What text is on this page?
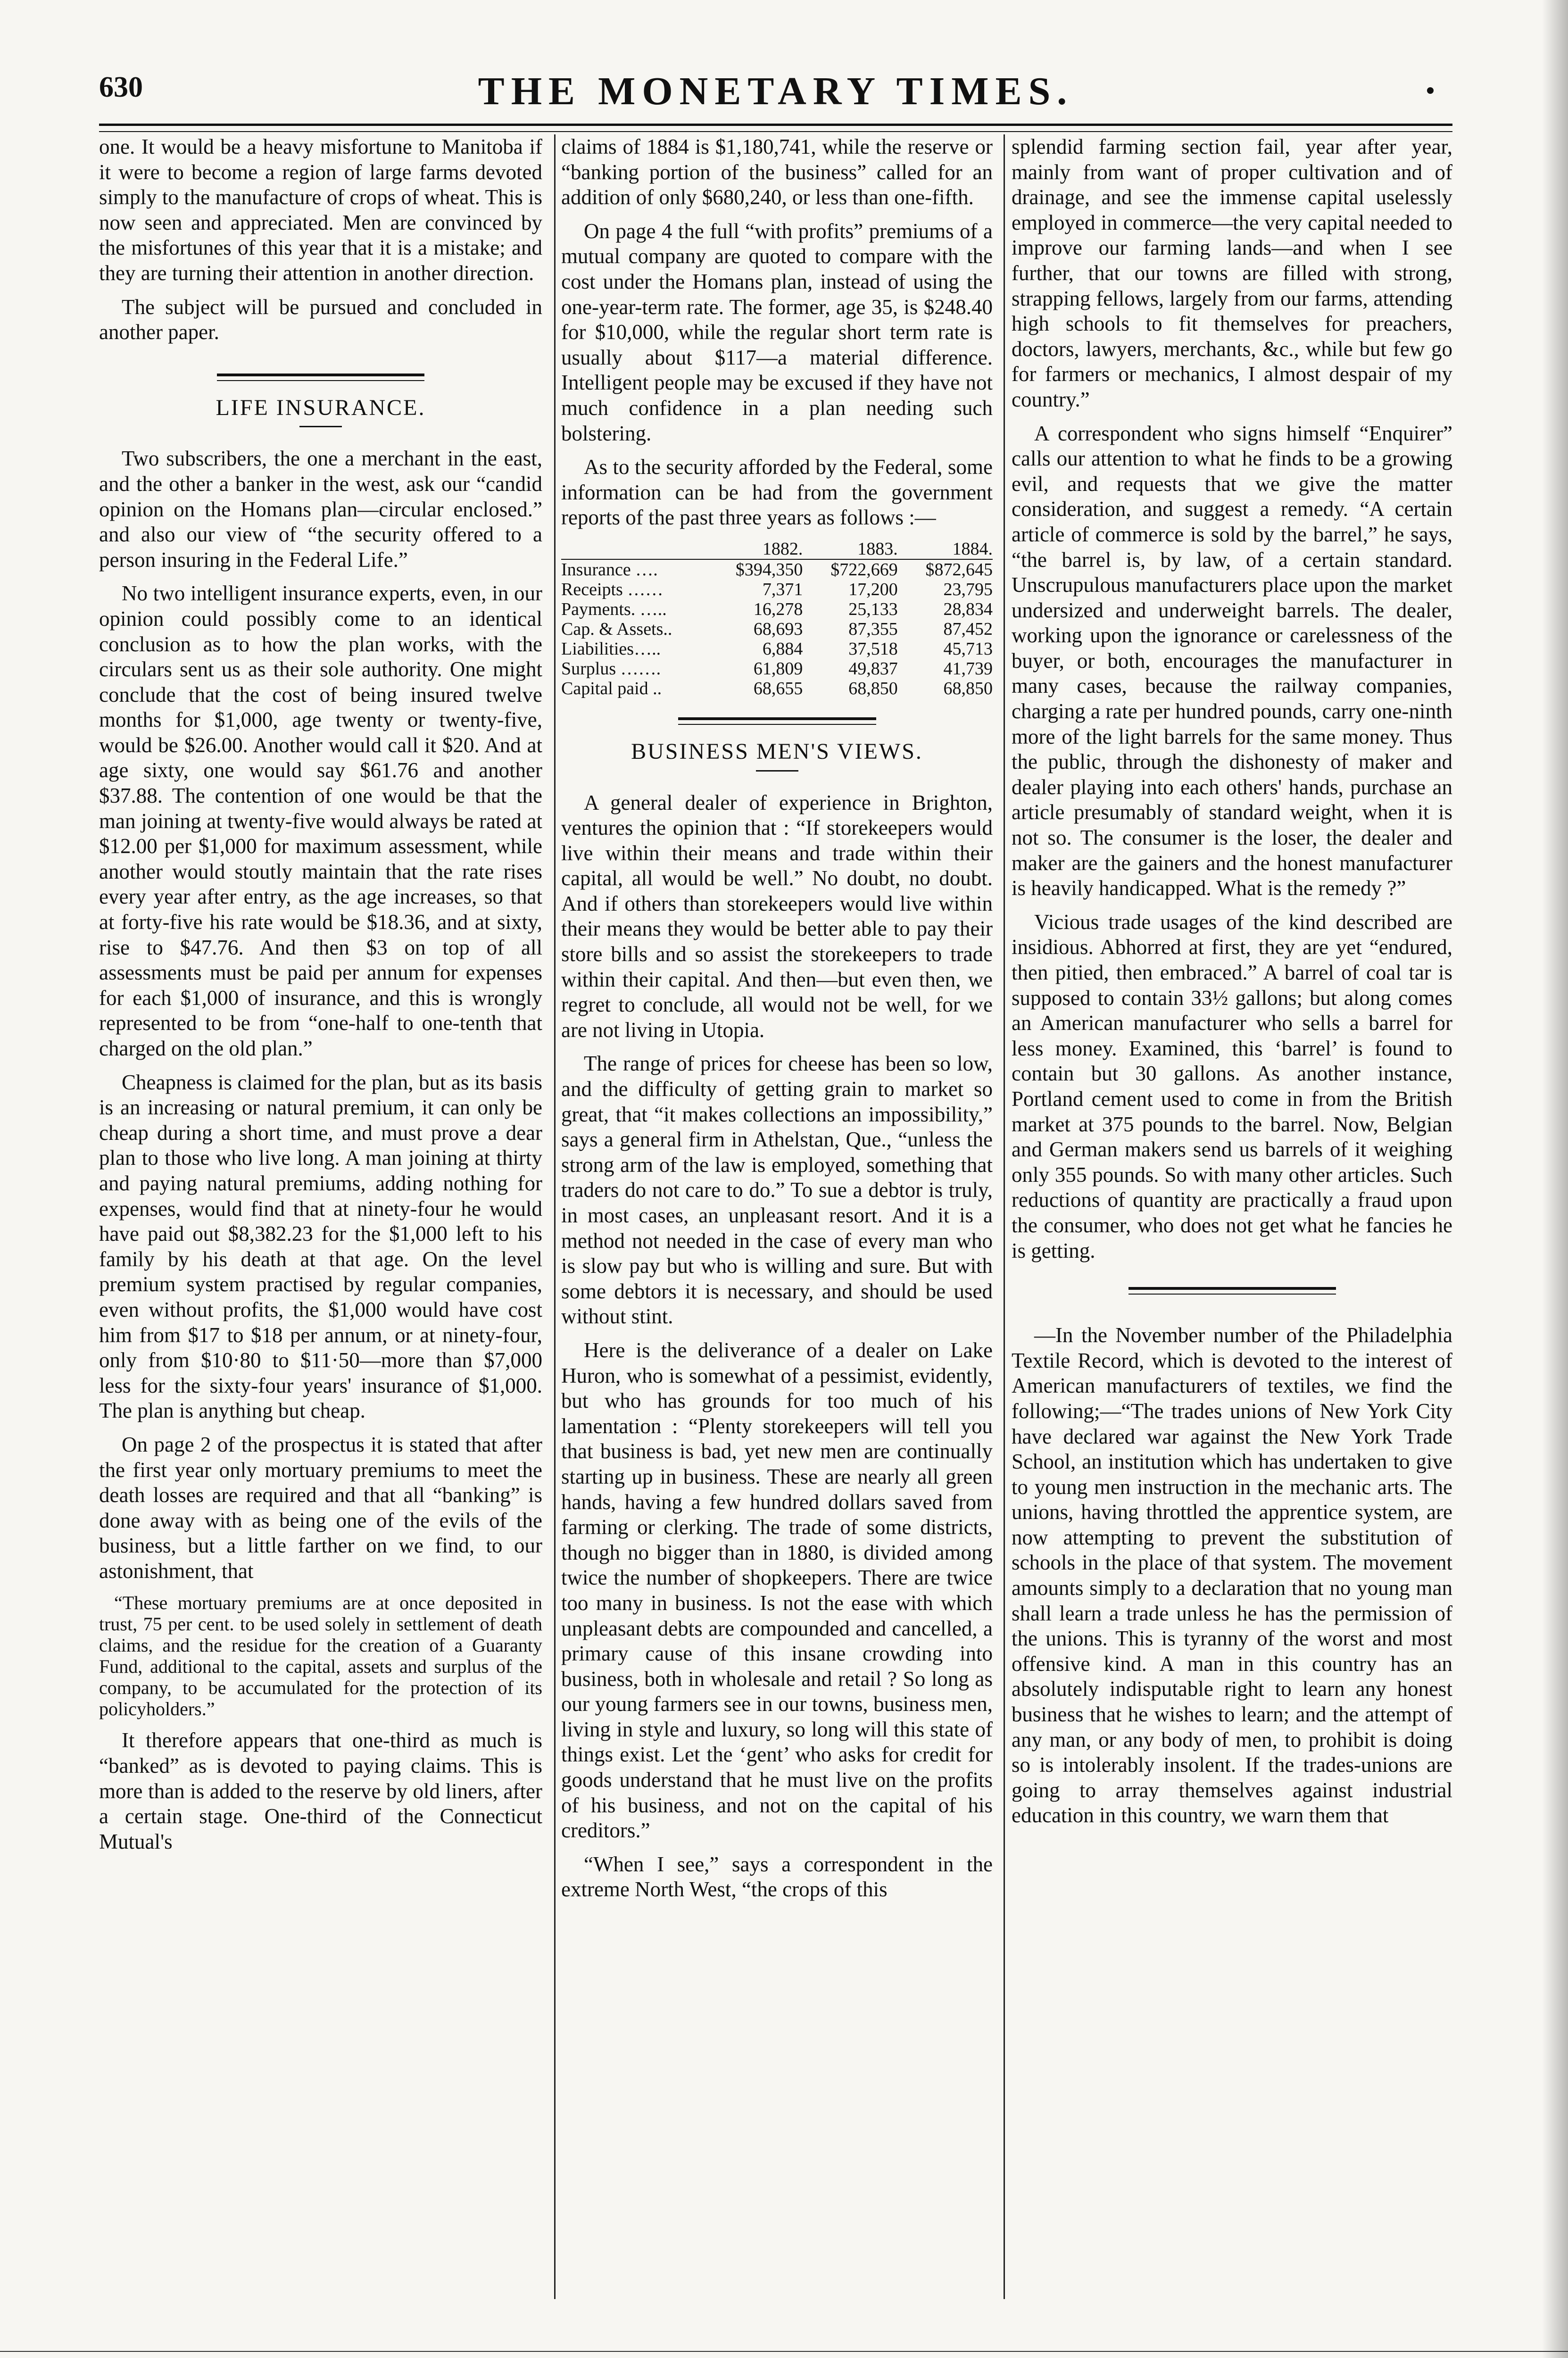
630	THE MONETARY TIMES.

one. It would be a heavy misfortune to Manitoba if it were to become a region of large farms devoted simply to the manufacture of crops of wheat. This is now seen and appreciated. Men are convinced by the misfortunes of this year that it is a mistake; and they are turning their attention in another direction.

The subject will be pursued and concluded in another paper.

LIFE INSURANCE.

Two subscribers, the one a merchant in the east, and the other a banker in the west, ask our “candid opinion on the Homans plan—circular enclosed.” and also our view of “the security offered to a person insuring in the Federal Life.”

No two intelligent insurance experts, even, in our opinion could possibly come to an identical conclusion as to how the plan works, with the circulars sent us as their sole authority. One might conclude that the cost of being insured twelve months for $1,000, age twenty or twenty-five, would be $26.00. Another would call it $20. And at age sixty, one would say $61.76 and another $37.88. The contention of one would be that the man joining at twenty-five would always be rated at $12.00 per $1,000 for maximum assessment, while another would stoutly maintain that the rate rises every year after entry, as the age increases, so that at forty-five his rate would be $18.36, and at sixty, rise to $47.76. And then $3 on top of all assessments must be paid per annum for expenses for each $1,000 of insurance, and this is wrongly represented to be from “one-half to one-tenth that charged on the old plan.”

Cheapness is claimed for the plan, but as its basis is an increasing or natural premium, it can only be cheap during a short time, and must prove a dear plan to those who live long. A man joining at thirty and paying natural premiums, adding nothing for expenses, would find that at ninety-four he would have paid out $8,382.23 for the $1,000 left to his family by his death at that age. On the level premium system practised by regular companies, even without profits, the $1,000 would have cost him from $17 to $18 per annum, or at ninety-four, only from $10·80 to $11·50—more than $7,000 less for the sixty-four years' insurance of $1,000. The plan is anything but cheap.

On page 2 of the prospectus it is stated that after the first year only mortuary premiums to meet the death losses are required and that all “banking” is done away with as being one of the evils of the business, but a little farther on we find, to our astonishment, that

“These mortuary premiums are at once deposited in trust, 75 per cent. to be used solely in settlement of death claims, and the residue for the creation of a Guaranty Fund, additional to the capital, assets and surplus of the company, to be accumulated for the protection of its policyholders.”

It therefore appears that one-third as much is “banked” as is devoted to paying claims. This is more than is added to the reserve by old liners, after a certain stage. One-third of the Connecticut Mutual's

claims of 1884 is $1,180,741, while the reserve or “banking portion of the business” called for an addition of only $680,240, or less than one-fifth.

On page 4 the full “with profits” premiums of a mutual company are quoted to compare with the cost under the Homans plan, instead of using the one-year-term rate. The former, age 35, is $248.40 for $10,000, while the regular short term rate is usually about $117—a material difference. Intelligent people may be excused if they have not much confidence in a plan needing such bolstering.

As to the security afforded by the Federal, some information can be had from the government reports of the past three years as follows :—

	1882.	1883.	1884.
Insurance ….	$394,350	$722,669	$872,645
Receipts ……	7,371	17,200	23,795
Payments. …..	16,278	25,133	28,834
Cap. & Assets..	68,693	87,355	87,452
Liabilities…..	6,884	37,518	45,713
Surplus …….	61,809	49,837	41,739
Capital paid ..	68,655	68,850	68,850
BUSINESS MEN'S VIEWS.

A general dealer of experience in Brighton, ventures the opinion that : “If storekeepers would live within their means and trade within their capital, all would be well.” No doubt, no doubt. And if others than storekeepers would live within their means they would be better able to pay their store bills and so assist the storekeepers to trade within their capital. And then—but even then, we regret to conclude, all would not be well, for we are not living in Utopia.

The range of prices for cheese has been so low, and the difficulty of getting grain to market so great, that “it makes collections an impossibility,” says a general firm in Athelstan, Que., “unless the strong arm of the law is employed, something that traders do not care to do.” To sue a debtor is truly, in most cases, an unpleasant resort. And it is a method not needed in the case of every man who is slow pay but who is willing and sure. But with some debtors it is necessary, and should be used without stint.

Here is the deliverance of a dealer on Lake Huron, who is somewhat of a pessimist, evidently, but who has grounds for too much of his lamentation : “Plenty storekeepers will tell you that business is bad, yet new men are continually starting up in business. These are nearly all green hands, having a few hundred dollars saved from farming or clerking. The trade of some districts, though no bigger than in 1880, is divided among twice the number of shopkeepers. There are twice too many in business. Is not the ease with which unpleasant debts are compounded and cancelled, a primary cause of this insane crowding into business, both in wholesale and retail ? So long as our young farmers see in our towns, business men, living in style and luxury, so long will this state of things exist. Let the ‘gent’ who asks for credit for goods understand that he must live on the profits of his business, and not on the capital of his creditors.”

“When I see,” says a correspondent in the extreme North West, “the crops of this

splendid farming section fail, year after year, mainly from want of proper cultivation and of drainage, and see the immense capital uselessly employed in commerce—the very capital needed to improve our farming lands—and when I see further, that our towns are filled with strong, strapping fellows, largely from our farms, attending high schools to fit themselves for preachers, doctors, lawyers, merchants, &c., while but few go for farmers or mechanics, I almost despair of my country.”

A correspondent who signs himself “Enquirer” calls our attention to what he finds to be a growing evil, and requests that we give the matter consideration, and suggest a remedy. “A certain article of commerce is sold by the barrel,” he says, “the barrel is, by law, of a certain standard. Unscrupulous manufacturers place upon the market undersized and underweight barrels. The dealer, working upon the ignorance or carelessness of the buyer, or both, encourages the manufacturer in many cases, because the railway companies, charging a rate per hundred pounds, carry one-ninth more of the light barrels for the same money. Thus the public, through the dishonesty of maker and dealer playing into each others' hands, purchase an article presumably of standard weight, when it is not so. The consumer is the loser, the dealer and maker are the gainers and the honest manufacturer is heavily handicapped. What is the remedy ?”

Vicious trade usages of the kind described are insidious. Abhorred at first, they are yet “endured, then pitied, then embraced.” A barrel of coal tar is supposed to contain 33½ gallons; but along comes an American manufacturer who sells a barrel for less money. Examined, this ‘barrel’ is found to contain but 30 gallons. As another instance, Portland cement used to come in from the British market at 375 pounds to the barrel. Now, Belgian and German makers send us barrels of it weighing only 355 pounds. So with many other articles. Such reductions of quantity are practically a fraud upon the consumer, who does not get what he fancies he is getting.

—In the November number of the Philadelphia Textile Record, which is devoted to the interest of American manufacturers of textiles, we find the following;—“The trades unions of New York City have declared war against the New York Trade School, an institution which has undertaken to give to young men instruction in the mechanic arts. The unions, having throttled the apprentice system, are now attempting to prevent the substitution of schools in the place of that system. The movement amounts simply to a declaration that no young man shall learn a trade unless he has the permission of the unions. This is tyranny of the worst and most offensive kind. A man in this country has an absolutely indisputable right to learn any honest business that he wishes to learn; and the attempt of any man, or any body of men, to prohibit is doing so is intolerably insolent. If the trades-unions are going to array themselves against industrial education in this country, we warn them that
